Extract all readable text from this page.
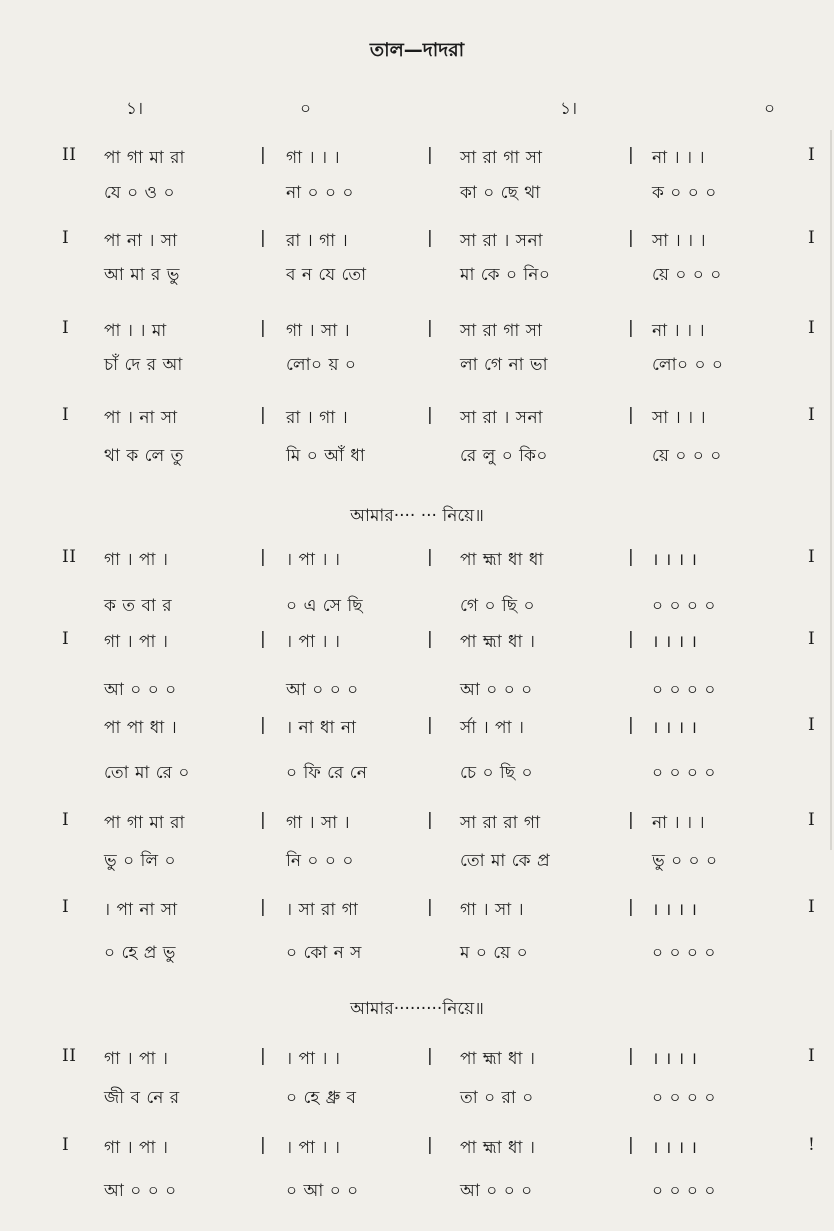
তাল—দাদরা
১।	০	১।	০
II পা গা মা রা	গা । । ।	সা রা গা সা	না । । ।
|	|	|	I
যে ০ ও ০	না ০ ০ ০	কা ০ ছে থা	ক ০ ০ ০
I পা না । সা	রা । গা ।	সা রা । সনা	সা । । ।
|	|	|	I
আ মা র ভু	ব ন যে তো	মা কে ০ নি০	য়ে ০ ০ ০
I পা । । মা	গা । সা ।	সা রা গা সা	না । । ।
|	|	|	I
চাঁ দে র আ	লো০ য় ০	লা গে না ভা	লো০ ০ ০
I পা । না সা	রা । গা ।	সা রা । সনা	সা । । ।
|	|	|	I
থা ক লে তু	মি ০ আঁ ধা	রে লু ০ কি০	য়ে ০ ০ ০
II গা । পা ।	। পা । ।	পা হ্মা ধা ধা	। । । ।
|	|	|	I
ক ত বা র	০ এ সে ছি	গে ০ ছি ০	০ ০ ০ ০
I গা । পা ।	। পা । ।	পা হ্মা ধা ।	। । । ।
|	|	|	I
আ ০ ০ ০	আ ০ ০ ০	আ ০ ০ ০	০ ০ ০ ০
পা পা ধা ।	। না ধা না	র্সা । পা ।	। । । ।
|	|	|	I
তো মা রে ০	০ ফি রে নে	চে ০ ছি ০	০ ০ ০ ০
I পা গা মা রা	গা । সা ।	সা রা রা গা	না । । ।
|	|	|	I
ভু ০ লি ০	নি ০ ০ ০	তো মা কে প্র	ভু ০ ০ ০
I । পা না সা	। সা রা গা	গা । সা ।	। । । ।
|	|	|	I
০ হে প্র ভু	০ কো ন স	ম ০ য়ে ০	০ ০ ০ ০
II গা । পা ।	। পা । ।	পা হ্মা ধা ।	। । । ।
|	|	|	I
জী ব নে র	০ হে ধ্রু ব	তা ০ রা ০	০ ০ ০ ০
I গা । পা ।	। পা । ।	পা হ্মা ধা ।	। । । ।
|	|	|	!
আ ০ ০ ০	০ আ ০ ০	আ ০ ০ ০	০ ০ ০ ০
আমার···· ··· নিয়ে॥
আমার·········নিয়ে॥
